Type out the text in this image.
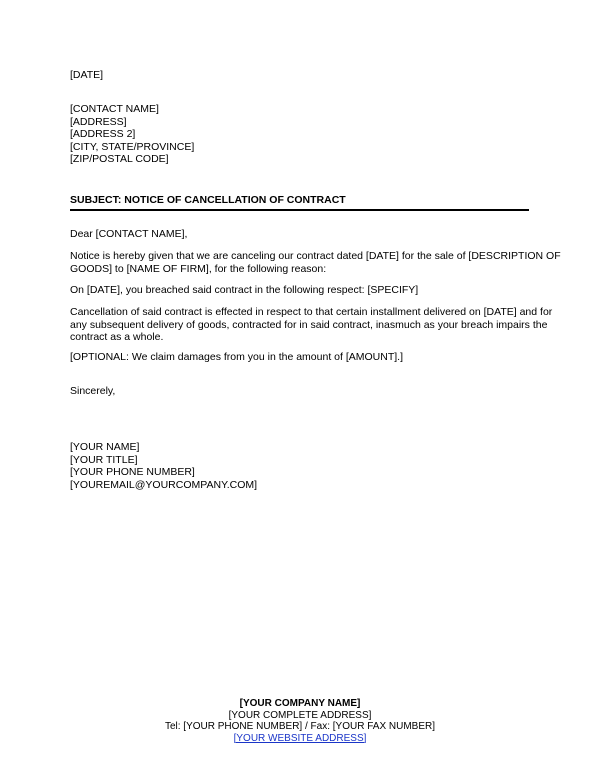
[DATE]
[CONTACT NAME]
[ADDRESS]
[ADDRESS 2]
[CITY, STATE/PROVINCE]
[ZIP/POSTAL CODE]
SUBJECT: NOTICE OF CANCELLATION OF CONTRACT
Dear [CONTACT NAME],
Notice is hereby given that we are canceling our contract dated [DATE] for the sale of [DESCRIPTION OF
GOODS] to [NAME OF FIRM], for the following reason:
On [DATE], you breached said contract in the following respect: [SPECIFY]
Cancellation of said contract is effected in respect to that certain installment delivered on [DATE] and for
any subsequent delivery of goods, contracted for in said contract, inasmuch as your breach impairs the
contract as a whole.
[OPTIONAL: We claim damages from you in the amount of [AMOUNT].]
Sincerely,
[YOUR NAME]
[YOUR TITLE]
[YOUR PHONE NUMBER]
[YOUREMAIL@YOURCOMPANY.COM]
[YOUR COMPANY NAME]
[YOUR COMPLETE ADDRESS]
Tel: [YOUR PHONE NUMBER] / Fax: [YOUR FAX NUMBER]
[YOUR WEBSITE ADDRESS]
